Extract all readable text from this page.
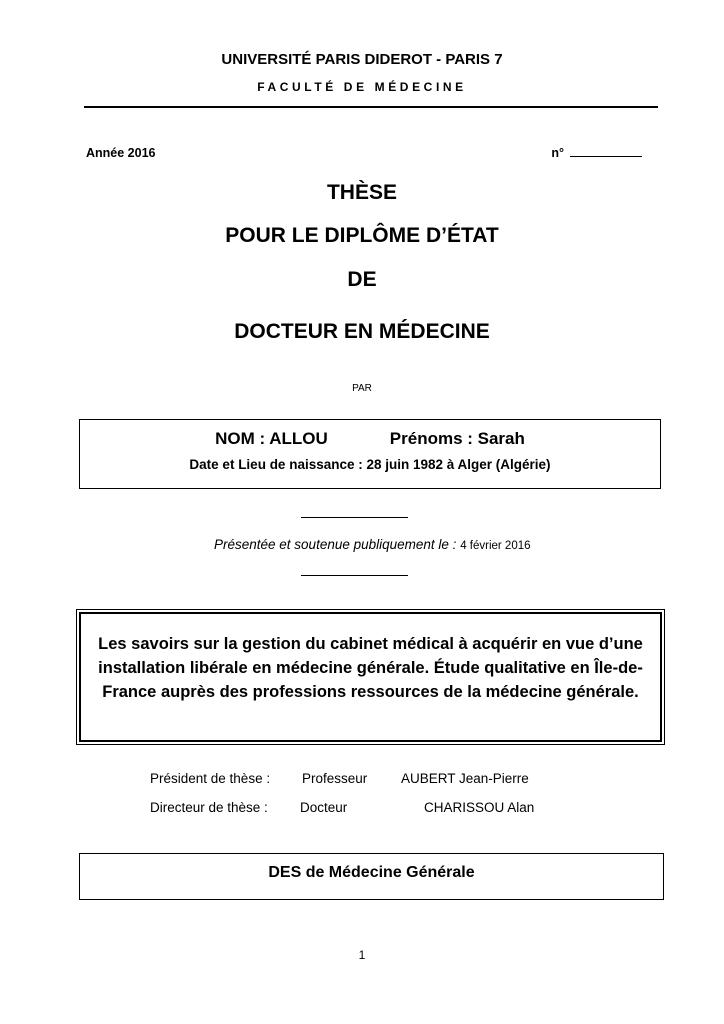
UNIVERSITÉ PARIS DIDEROT - PARIS 7
FACULTÉ DE MÉDECINE
Année 2016	n°
THÈSE
POUR LE DIPLÔME D’ÉTAT
DE
DOCTEUR EN MÉDECINE
PAR
NOM : ALLOU	Prénoms : Sarah
Date et Lieu de naissance : 28 juin 1982 à Alger (Algérie)
Présentée et soutenue publiquement le : 4 février 2016
Les savoirs sur la gestion du cabinet médical à acquérir en vue d’une installation libérale en médecine générale. Étude qualitative en Île-de-France auprès des professions ressources de la médecine générale.
Président de thèse : Professeur AUBERT Jean-Pierre
Directeur de thèse : Docteur	CHARISSOU Alan
DES de Médecine Générale
1
